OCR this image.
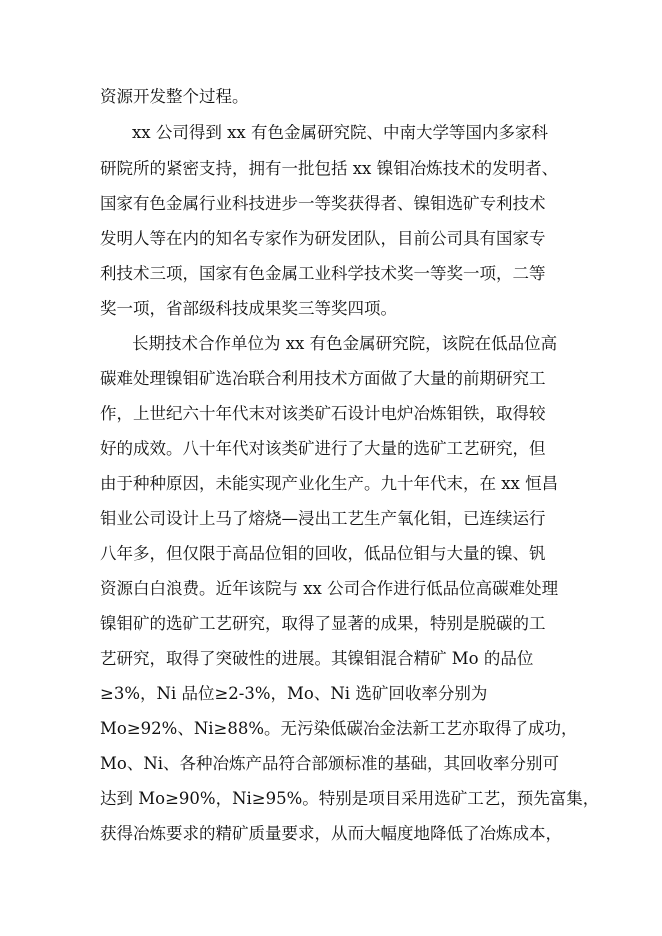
资源开发整个过程。
xx 公司得到 xx 有色金属研究院、中南大学等国内多家科
研院所的紧密支持，拥有一批包括 xx 镍钼冶炼技术的发明者、
国家有色金属行业科技进步一等奖获得者、镍钼选矿专利技术
发明人等在内的知名专家作为研发团队，目前公司具有国家专
利技术三项，国家有色金属工业科学技术奖一等奖一项，二等
奖一项，省部级科技成果奖三等奖四项。
长期技术合作单位为 xx 有色金属研究院，该院在低品位高
碳难处理镍钼矿选冶联合利用技术方面做了大量的前期研究工
作，上世纪六十年代末对该类矿石设计电炉冶炼钼铁，取得较
好的成效。八十年代对该类矿进行了大量的选矿工艺研究，但
由于种种原因，未能实现产业化生产。九十年代末，在 xx 恒昌
钼业公司设计上马了熔烧—浸出工艺生产氧化钼，已连续运行
八年多，但仅限于高品位钼的回收，低品位钼与大量的镍、钒
资源白白浪费。近年该院与 xx 公司合作进行低品位高碳难处理
镍钼矿的选矿工艺研究，取得了显著的成果，特别是脱碳的工
艺研究，取得了突破性的进展。其镍钼混合精矿 Mo 的品位
≥3%，Ni 品位≥2-3%，Mo、Ni 选矿回收率分别为
Mo≥92%、Ni≥88%。无污染低碳冶金法新工艺亦取得了成功，
Mo、Ni、各种冶炼产品符合部颁标准的基础，其回收率分别可
达到 Mo≥90%，Ni≥95%。特别是项目采用选矿工艺，预先富集，
获得冶炼要求的精矿质量要求，从而大幅度地降低了冶炼成本，
